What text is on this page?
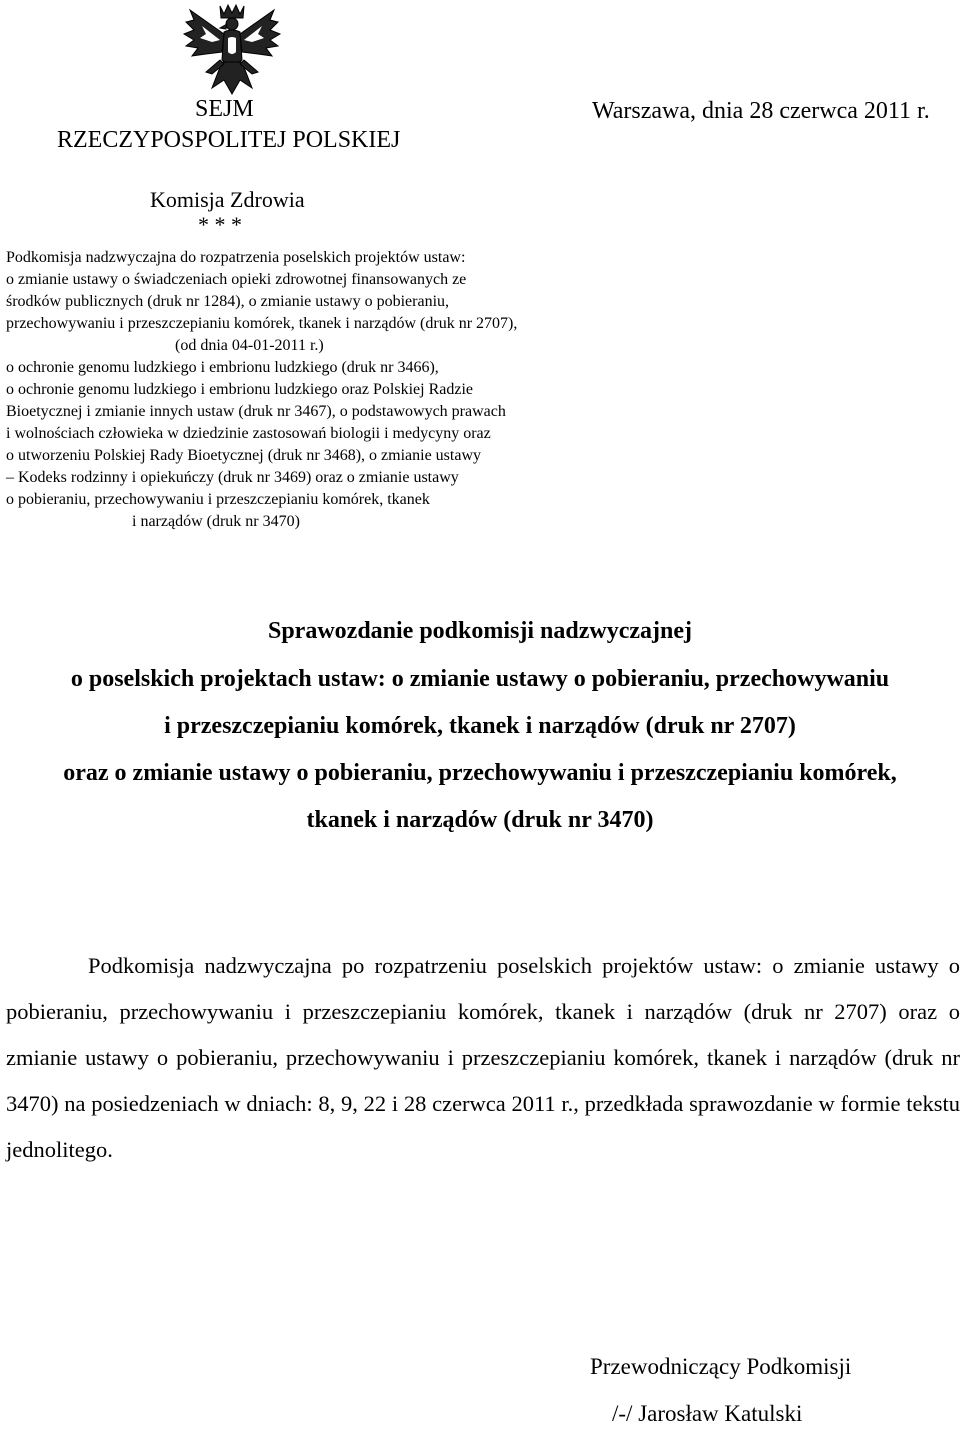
SEJM
RZECZYPOSPOLITEJ POLSKIEJ
Warszawa, dnia 28 czerwca 2011 r.
Komisja Zdrowia
* * *
Podkomisja nadzwyczajna do rozpatrzenia poselskich projektów ustaw:
o zmianie ustawy o świadczeniach opieki zdrowotnej finansowanych ze
środków publicznych (druk nr 1284), o zmianie ustawy o pobieraniu,
przechowywaniu i przeszczepianiu komórek, tkanek i narządów (druk nr 2707),
(od dnia 04-01-2011 r.)
o ochronie genomu ludzkiego i embrionu ludzkiego (druk nr 3466),
o ochronie genomu ludzkiego i embrionu ludzkiego oraz Polskiej Radzie
Bioetycznej i zmianie innych ustaw (druk nr 3467), o podstawowych prawach
i wolnościach człowieka w dziedzinie zastosowań biologii i medycyny oraz
o utworzeniu Polskiej Rady Bioetycznej (druk nr 3468), o zmianie ustawy
– Kodeks rodzinny i opiekuńczy (druk nr 3469) oraz o zmianie ustawy
o pobieraniu, przechowywaniu i przeszczepianiu komórek, tkanek
i narządów (druk nr 3470)
Sprawozdanie podkomisji nadzwyczajnej
o poselskich projektach ustaw: o zmianie ustawy o pobieraniu, przechowywaniu
i przeszczepianiu komórek, tkanek i narządów (druk nr 2707)
oraz o zmianie ustawy o pobieraniu, przechowywaniu i przeszczepianiu komórek,
tkanek i narządów (druk nr 3470)

Podkomisja nadzwyczajna po rozpatrzeniu poselskich projektów ustaw: o zmianie ustawy o pobieraniu, przechowywaniu i przeszczepianiu komórek, tkanek i narządów (druk nr 2707) oraz o zmianie ustawy o pobieraniu, przechowywaniu i przeszczepianiu komórek, tkanek i narządów (druk nr 3470) na posiedzeniach w dniach: 8, 9, 22 i 28 czerwca 2011 r., przedkłada sprawozdanie w formie tekstu jednolitego.

Przewodniczący Podkomisji
/-/ Jarosław Katulski
